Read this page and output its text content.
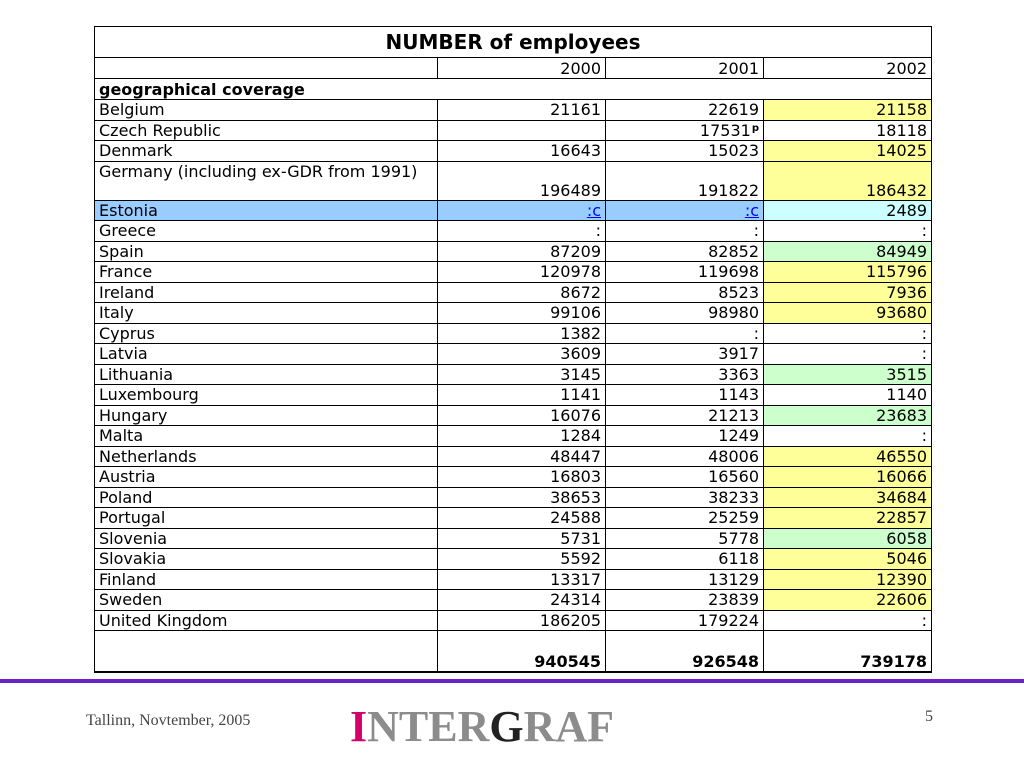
NUMBER of employees			
	2000	2001	2002
geographical coverage			
Belgium	21161	22619	21158
Czech Republic		17531$^p$	18118
Denmark	16643	15023	14025
Germany (including ex-GDR from 1991)	196489	191822	186432
Estonia	:c	:c	2489
Greece	:	:	:
Spain	87209	82852	84949
France	120978	119698	115796
Ireland	8672	8523	7936
Italy	99106	98980	93680
Cyprus	1382	:	:
Latvia	3609	3917	:
Lithuania	3145	3363	3515
Luxembourg	1141	1143	1140
Hungary	16076	21213	23683
Malta	1284	1249	:
Netherlands	48447	48006	46550
Austria	16803	16560	16066
Poland	38653	38233	34684
Portugal	24588	25259	22857
Slovenia	5731	5778	6058
Slovakia	5592	6118	5046
Finland	13317	13129	12390
Sweden	24314	23839	22606
United Kingdom	186205	179224	:
	940545	926548	739178
Tallinn, Novtember, 2005	INTERGRAF	5
